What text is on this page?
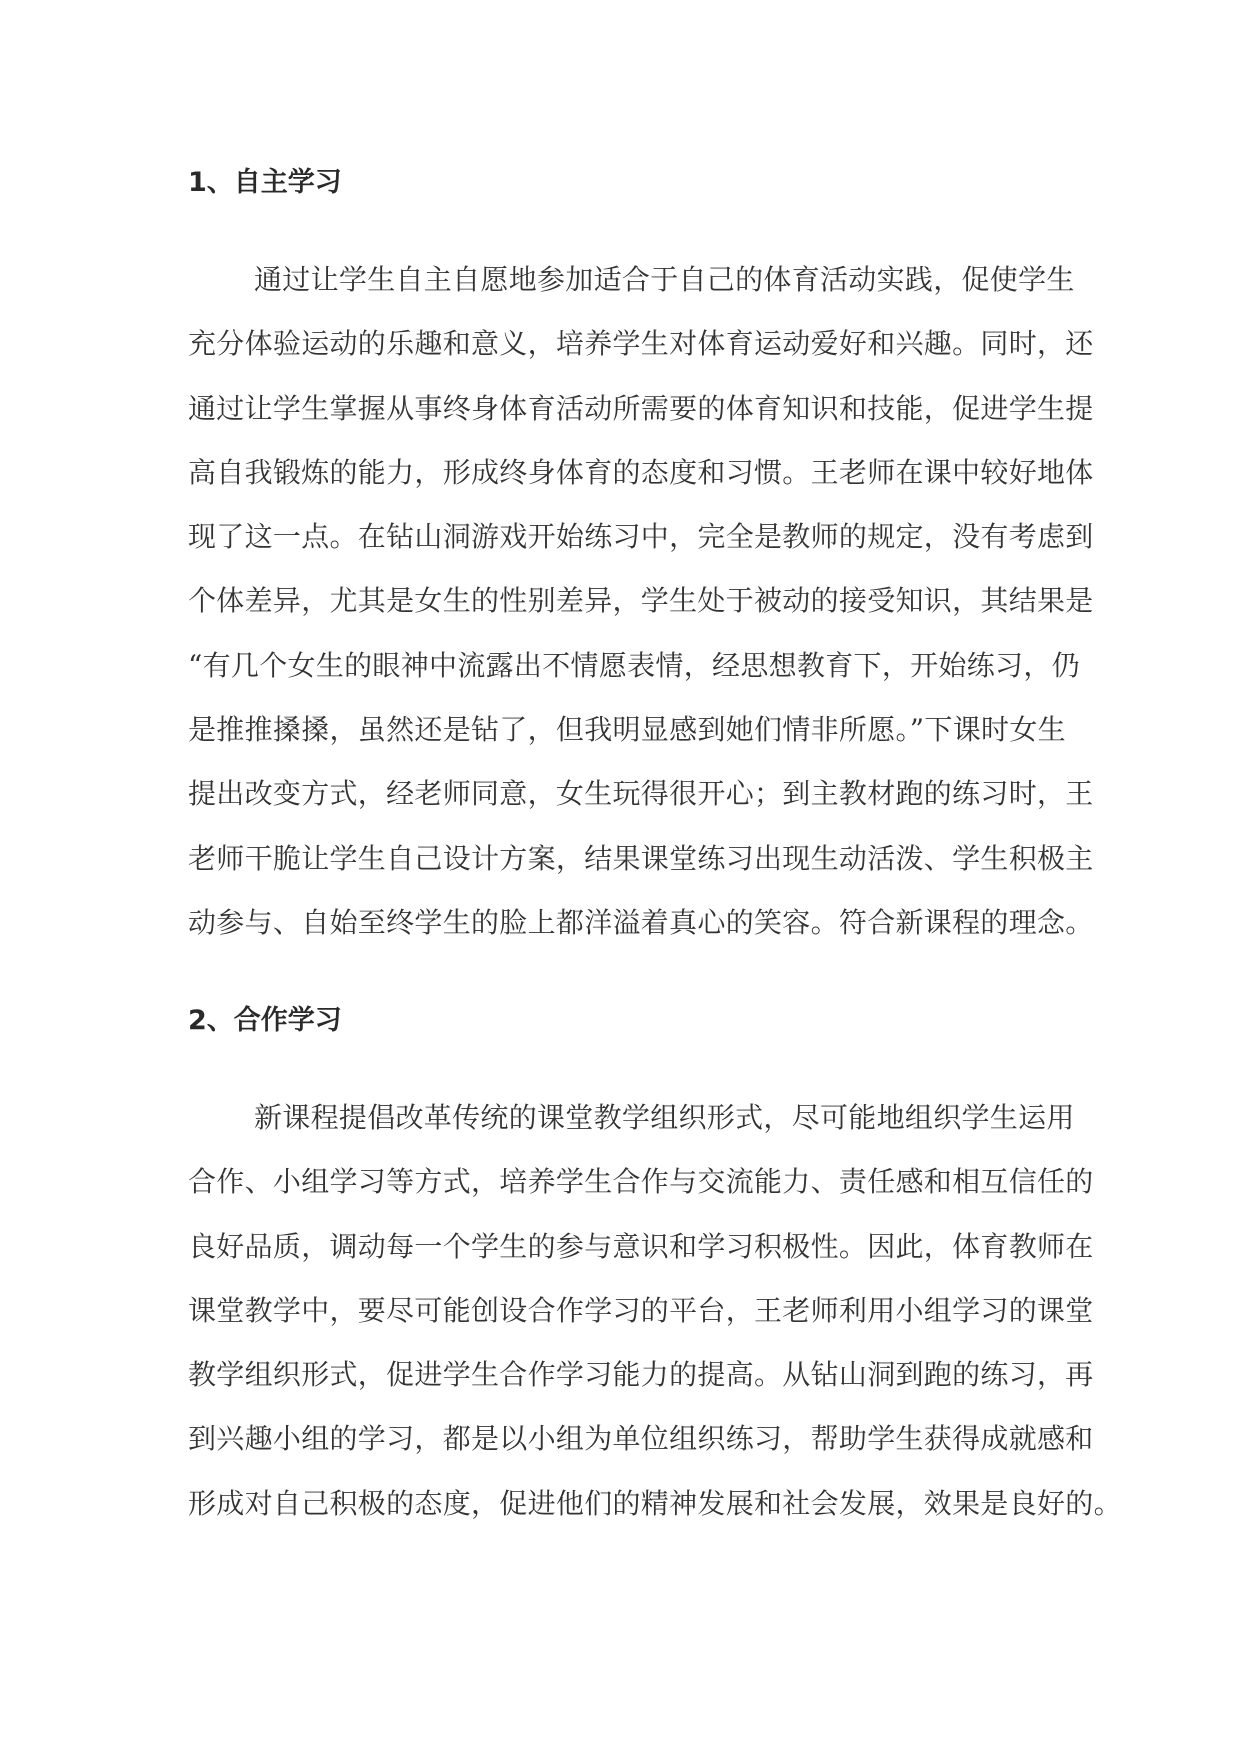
1、自主学习
通过让学生自主自愿地参加适合于自己的体育活动实践，促使学生
充分体验运动的乐趣和意义，培养学生对体育运动爱好和兴趣。同时，还
通过让学生掌握从事终身体育活动所需要的体育知识和技能，促进学生提
高自我锻炼的能力，形成终身体育的态度和习惯。王老师在课中较好地体
现了这一点。在钻山洞游戏开始练习中，完全是教师的规定，没有考虑到
个体差异，尤其是女生的性别差异，学生处于被动的接受知识，其结果是
“有几个女生的眼神中流露出不情愿表情，经思想教育下，开始练习，仍
是推推搡搡，虽然还是钻了，但我明显感到她们情非所愿。”下课时女生
提出改变方式，经老师同意，女生玩得很开心；到主教材跑的练习时，王
老师干脆让学生自己设计方案，结果课堂练习出现生动活泼、学生积极主
动参与、自始至终学生的脸上都洋溢着真心的笑容。符合新课程的理念。
2、合作学习
新课程提倡改革传统的课堂教学组织形式，尽可能地组织学生运用
合作、小组学习等方式，培养学生合作与交流能力、责任感和相互信任的
良好品质，调动每一个学生的参与意识和学习积极性。因此，体育教师在
课堂教学中，要尽可能创设合作学习的平台，王老师利用小组学习的课堂
教学组织形式，促进学生合作学习能力的提高。从钻山洞到跑的练习，再
到兴趣小组的学习，都是以小组为单位组织练习，帮助学生获得成就感和
形成对自己积极的态度，促进他们的精神发展和社会发展，效果是良好的。
